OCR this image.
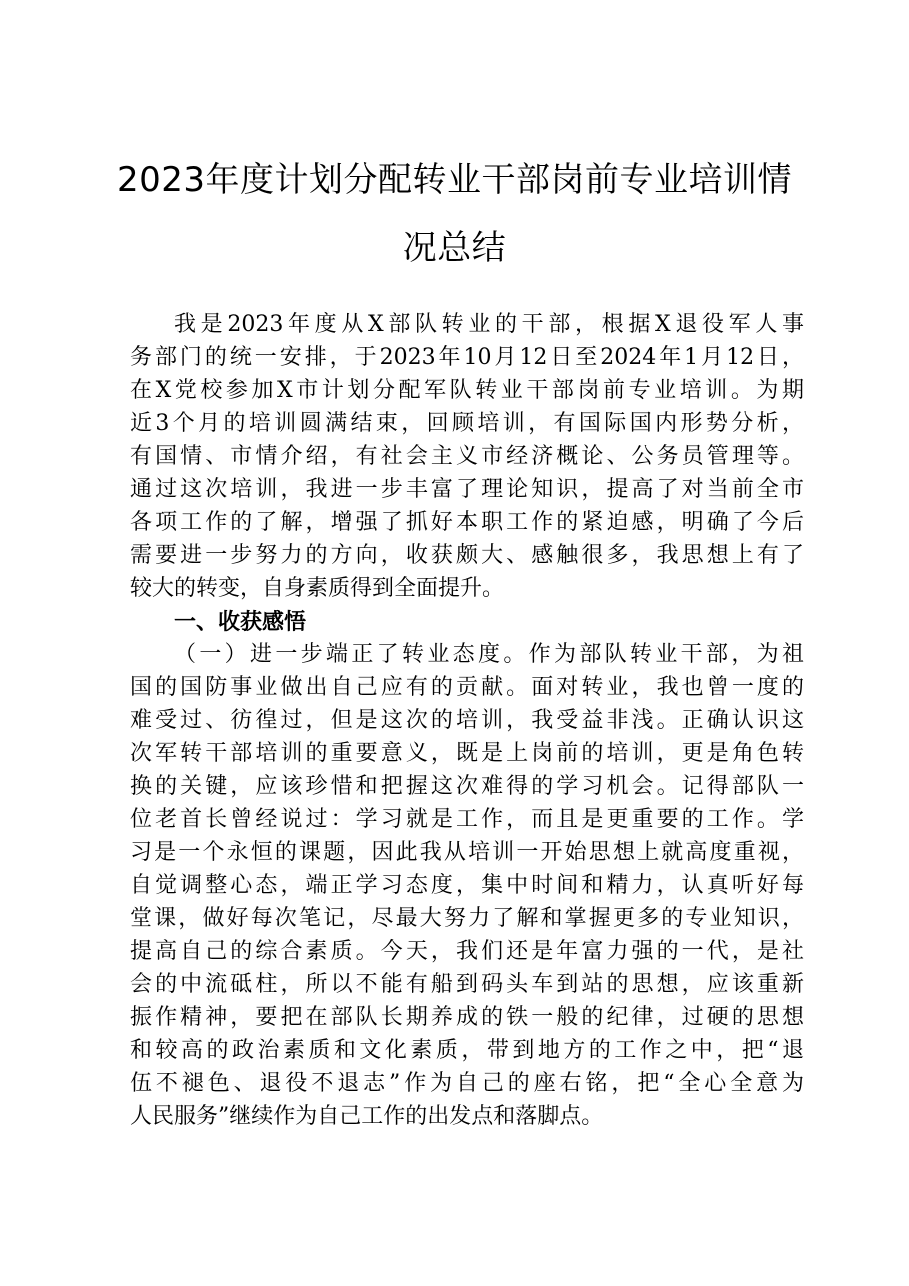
2023年度计划分配转业干部岗前专业培训情
况总结
我是2023年度从X部队转业的干部，根据X退役军人事
务部门的统一安排，于2023年10月12日至2024年1月12日，
在X党校参加X市计划分配军队转业干部岗前专业培训。为期
近3个月的培训圆满结束，回顾培训，有国际国内形势分析，
有国情、市情介绍，有社会主义市经济概论、公务员管理等。
通过这次培训，我进一步丰富了理论知识，提高了对当前全市
各项工作的了解，增强了抓好本职工作的紧迫感，明确了今后
需要进一步努力的方向，收获颇大、感触很多，我思想上有了
较大的转变，自身素质得到全面提升。
一、收获感悟
（一）进一步端正了转业态度。作为部队转业干部，为祖
国的国防事业做出自己应有的贡献。面对转业，我也曾一度的
难受过、彷徨过，但是这次的培训，我受益非浅。正确认识这
次军转干部培训的重要意义，既是上岗前的培训，更是角色转
换的关键，应该珍惜和把握这次难得的学习机会。记得部队一
位老首长曾经说过：学习就是工作，而且是更重要的工作。学
习是一个永恒的课题，因此我从培训一开始思想上就高度重视，
自觉调整心态，端正学习态度，集中时间和精力，认真听好每
堂课，做好每次笔记，尽最大努力了解和掌握更多的专业知识，
提高自己的综合素质。今天，我们还是年富力强的一代，是社
会的中流砥柱，所以不能有船到码头车到站的思想，应该重新
振作精神，要把在部队长期养成的铁一般的纪律，过硬的思想
和较高的政治素质和文化素质，带到地方的工作之中，把“退
伍不褪色、退役不退志”作为自己的座右铭，把“全心全意为
人民服务”继续作为自己工作的出发点和落脚点。
